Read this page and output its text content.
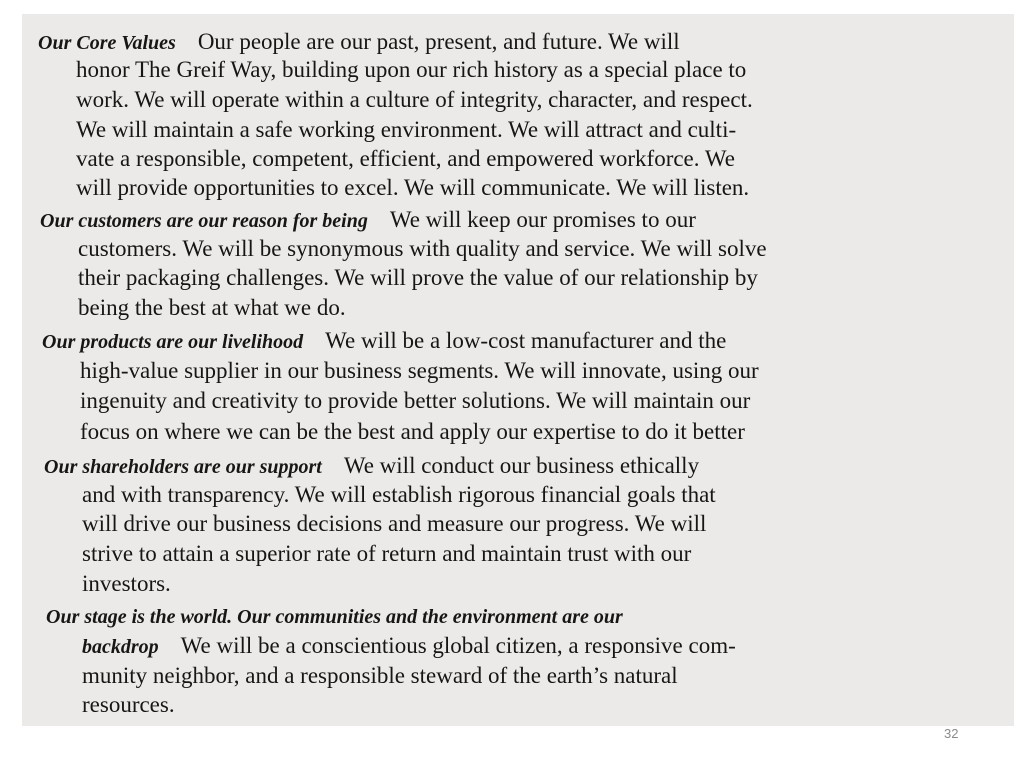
Our Core Values Our people are our past, present, and future. We will
honor The Greif Way, building upon our rich history as a special place to
work. We will operate within a culture of integrity, character, and respect.
We will maintain a safe working environment. We will attract and culti-
vate a responsible, competent, efficient, and empowered workforce. We
will provide opportunities to excel. We will communicate. We will listen.
Our customers are our reason for being We will keep our promises to our
customers. We will be synonymous with quality and service. We will solve
their packaging challenges. We will prove the value of our relationship by
being the best at what we do.
Our products are our livelihood We will be a low-cost manufacturer and the
high-value supplier in our business segments. We will innovate, using our
ingenuity and creativity to provide better solutions. We will maintain our
focus on where we can be the best and apply our expertise to do it better
Our shareholders are our support We will conduct our business ethically
and with transparency. We will establish rigorous financial goals that
will drive our business decisions and measure our progress. We will
strive to attain a superior rate of return and maintain trust with our
investors.
Our stage is the world. Our communities and the environment are our
backdrop We will be a conscientious global citizen, a responsive com-
munity neighbor, and a responsible steward of the earth’s natural
resources.
32
